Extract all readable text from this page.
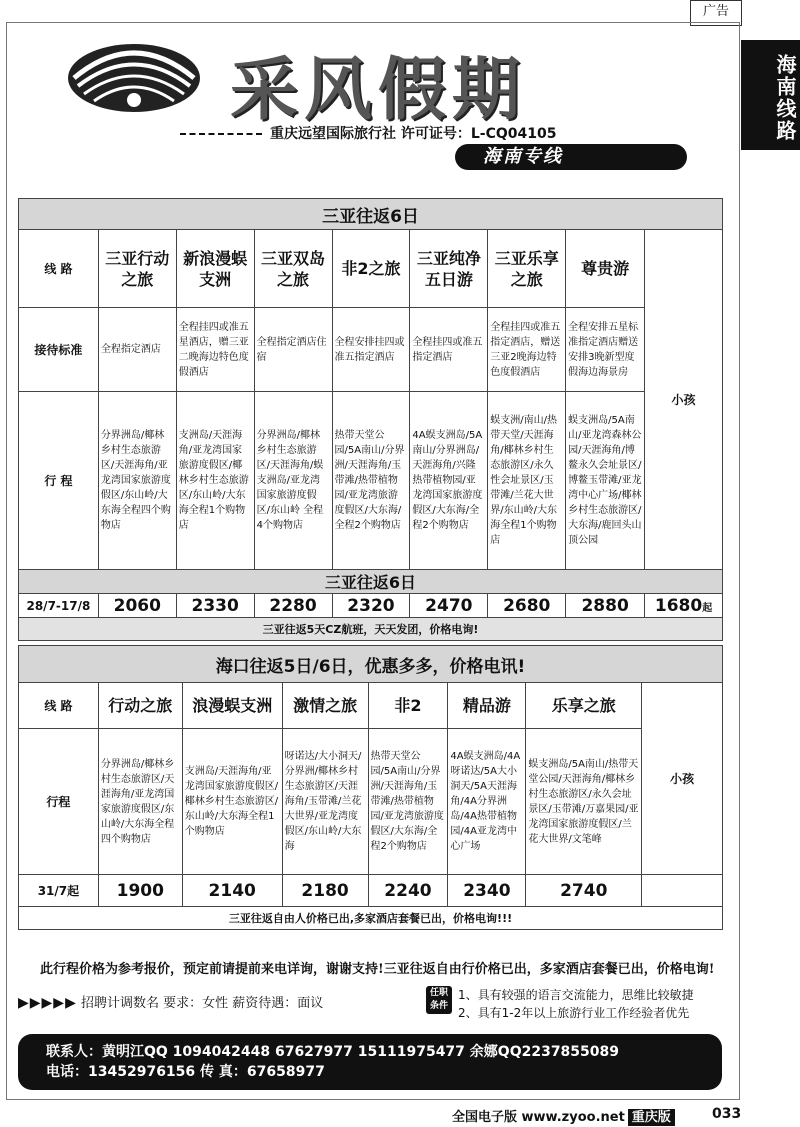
广告
海南线路
采风假期
重庆远望国际旅行社 许可证号：L-CQ04105
海南专线
三亚往返6日								
线 路	三亚行动之旅	新浪漫蜈支洲	三亚双岛之旅	非2之旅	三亚纯净五日游	三亚乐享之旅	尊贵游	小孩
接待标准	全程指定酒店	全程挂四或准五星酒店，赠三亚二晚海边特色度假酒店	全程指定酒店住宿	全程安排挂四或准五指定酒店	全程挂四或准五指定酒店	全程挂四或准五指定酒店，赠送三亚2晚海边特色度假酒店	全程安排五星标准指定酒店赠送安排3晚新型度假海边海景房	
行 程	分界洲岛/椰林乡村生态旅游区/天涯海角/亚龙湾国家旅游度假区/东山岭/大东海全程四个购物店	支洲岛/天涯海角/亚龙湾国家旅游度假区/椰林乡村生态旅游区/东山岭/大东海全程1个购物店	分界洲岛/椰林乡村生态旅游区/天涯海角/蜈支洲岛/亚龙湾国家旅游度假区/东山岭 全程4个购物店	热带天堂公园/5A南山/分界洲/天涯海角/玉带滩/热带植物园/亚龙湾旅游度假区/大东海/全程2个购物店	4A蜈支洲岛/5A南山/分界洲岛/天涯海角/兴隆热带植物园/亚龙湾国家旅游度假区/大东海/全程2个购物店	蜈支洲/南山/热带天堂/天涯海角/椰林乡村生态旅游区/永久性会址景区/玉带滩/兰花大世界/东山岭/大东海全程1个购物店	蜈支洲岛/5A南山/亚龙湾森林公园/天涯海角/博鳌永久会址景区/博鳌玉带滩/亚龙湾中心广场/椰林乡村生态旅游区/大东海/鹿回头山顶公园	
三亚往返6日								
28/7-17/8	2060	2330	2280	2320	2470	2680	2880	1680起
三亚往返5天CZ航班，天天发团，价格电询!								
海口往返5日/6日，优惠多多，价格电讯!							
线 路	行动之旅	浪漫蜈支洲	激情之旅	非2	精品游	乐享之旅	小孩
行程	分界洲岛/椰林乡村生态旅游区/天涯海角/亚龙湾国家旅游度假区/东山岭/大东海全程四个购物店	支洲岛/天涯海角/亚龙湾国家旅游度假区/椰林乡村生态旅游区/东山岭/大东海全程1个购物店	呀诺达/大小洞天/分界洲/椰林乡村生态旅游区/天涯海角/玉带滩/兰花大世界/亚龙湾度假区/东山岭/大东海	热带天堂公园/5A南山/分界洲/天涯海角/玉带滩/热带植物园/亚龙湾旅游度假区/大东海/全程2个购物店	4A蜈支洲岛/4A呀诺达/5A大小洞天/5A天涯海角/4A分界洲岛/4A热带植物园/4A亚龙湾中心广场	蜈支洲岛/5A南山/热带天堂公园/天涯海角/椰林乡村生态旅游区/永久会址景区/玉带滩/万嘉果园/亚龙湾国家旅游度假区/兰花大世界/文笔峰	
31/7起	1900	2140	2180	2240	2340	2740	
三亚往返自由人价格已出,多家酒店套餐已出，价格电询!!!							
此行程价格为参考报价，预定前请提前来电详询，谢谢支持!三亚往返自由行价格已出，多家酒店套餐已出，价格电询!
▶▶▶▶▶ 招聘计调数名 要求：女性 薪资待遇：面议
任职条件
1、具有较强的语言交流能力，思维比较敏捷
2、具有1-2年以上旅游行业工作经验者优先
联系人：黄明江QQ 1094042448 67627977 15111975477 余娜QQ2237855089
电话：13452976156 传 真：67658977
全国电子版 www.zyoo.net 重庆版	033
